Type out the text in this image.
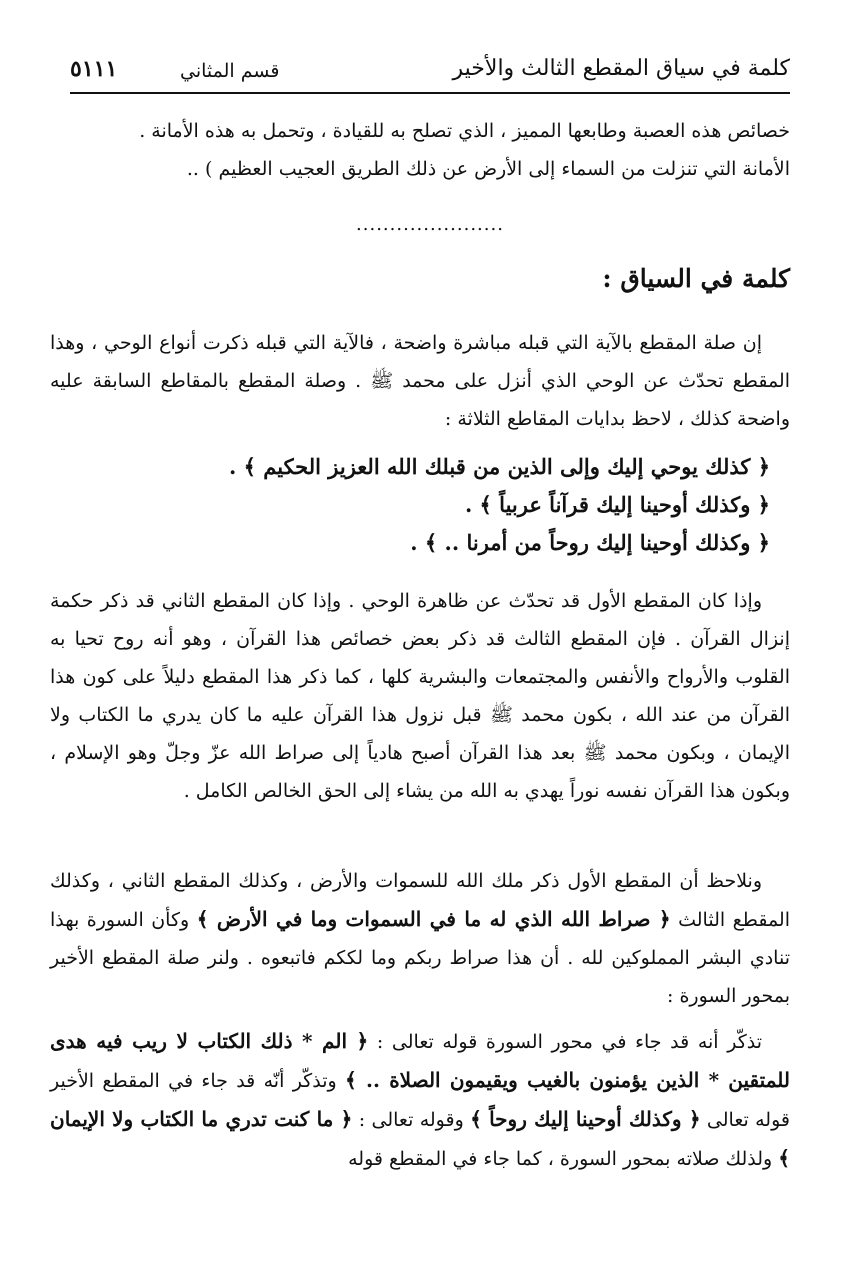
كلمة في سياق المقطع الثالث والأخير
قسم المثاني
٥١١١

خصائص هذه العصبة وطابعها المميز ، الذي تصلح به للقيادة ، وتحمل به هذه الأمانة .

الأمانة التي تنزلت من السماء إلى الأرض عن ذلك الطريق العجيب العظيم ) ..

......................
كلمة في السياق :

إن صلة المقطع بالآية التي قبله مباشرة واضحة ، فالآية التي قبله ذكرت أنواع الوحي ، وهذا المقطع تحدّث عن الوحي الذي أنزل على محمد ﷺ . وصلة المقطع بالمقاطع السابقة عليه واضحة كذلك ، لاحظ بدايات المقاطع الثلاثة :

﴿ كذلك يوحي إليك وإلى الذين من قبلك الله العزيز الحكيم ﴾ .
﴿ وكذلك أوحينا إليك قرآناً عربياً ﴾ .
﴿ وكذلك أوحينا إليك روحاً من أمرنا .. ﴾ .

وإذا كان المقطع الأول قد تحدّث عن ظاهرة الوحي . وإذا كان المقطع الثاني قد ذكر حكمة إنزال القرآن . فإن المقطع الثالث قد ذكر بعض خصائص هذا القرآن ، وهو أنه روح تحيا به القلوب والأرواح والأنفس والمجتمعات والبشرية كلها ، كما ذكر هذا المقطع دليلاً على كون هذا القرآن من عند الله ، بكون محمد ﷺ قبل نزول هذا القرآن عليه ما كان يدري ما الكتاب ولا الإيمان ، وبكون محمد ﷺ بعد هذا القرآن أصبح هادياً إلى صراط الله عزّ وجلّ وهو الإسلام ، وبكون هذا القرآن نفسه نوراً يهدي به الله من يشاء إلى الحق الخالص الكامل .

ونلاحظ أن المقطع الأول ذكر ملك الله للسموات والأرض ، وكذلك المقطع الثاني ، وكذلك المقطع الثالث ﴿ صراط الله الذي له ما في السموات وما في الأرض ﴾ وكأن السورة بهذا تنادي البشر المملوكين لله . أن هذا صراط ربكم وما لككم فاتبعوه . ولنر صلة المقطع الأخير بمحور السورة :

تذكّر أنه قد جاء في محور السورة قوله تعالى : ﴿ الم * ذلك الكتاب لا ريب فيه هدى للمتقين * الذين يؤمنون بالغيب ويقيمون الصلاة .. ﴾ وتذكّر أنّه قد جاء في المقطع الأخير قوله تعالى ﴿ وكذلك أوحينا إليك روحاً ﴾ وقوله تعالى : ﴿ ما كنت تدري ما الكتاب ولا الإيمان ﴾ ولذلك صلاته بمحور السورة ، كما جاء في المقطع قوله
